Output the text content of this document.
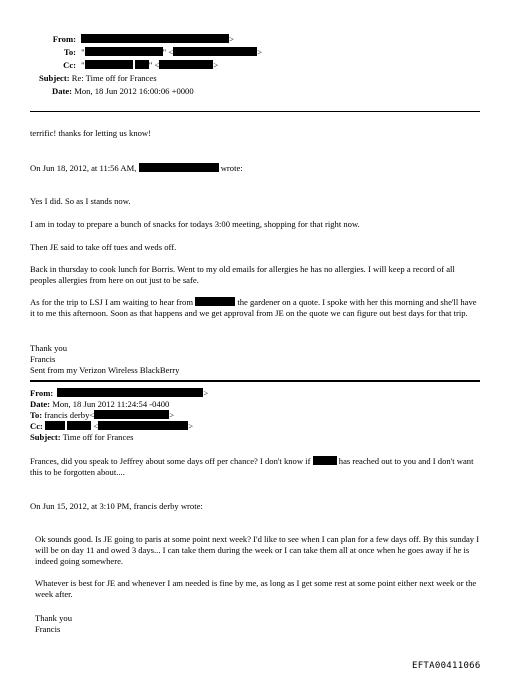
From:	>
To: "	" <	>
Cc: "	" <	>
Subject: Re: Time off for Frances
Date: Mon, 18 Jun 2012 16:00:06 +0000
terrific! thanks for letting us know!
On Jun 18, 2012, at 11:56 AM,	wrote:
Yes I did. So as I stands now.
I am in today to prepare a bunch of snacks for todays 3:00 meeting, shopping for that right now.
Then JE said to take off tues and weds off.
Back in thursday to cook lunch for Borris. Went to my old emails for allergies he has no allergies. I will keep a record of all peoples allergies from here on out just to be safe.
As for the trip to LSJ I am waiting to hear from	the gardener on a quote. I spoke with her this morning and she'll have it to me this afternoon. Soon as that happens and we get approval from JE on the quote we can figure out best days for that trip.
Thank you
Francis
Sent from my Verizon Wireless BlackBerry
From:	>
Date: Mon, 18 Jun 2012 11:24:54 -0400
To: francis derby<	>
Cc:	<	>
Subject: Time off for Frances
Frances, did you speak to Jeffrey about some days off per chance? I don't know if	has reached out to you and I don't want this to be forgotten about....
On Jun 15, 2012, at 3:10 PM, francis derby wrote:
Ok sounds good. Is JE going to paris at some point next week? I'd like to see when I can plan for a few days off. By this sunday I will be on day 11 and owed 3 days... I can take them during the week or I can take them all at once when he goes away if he is indeed going somewhere.
Whatever is best for JE and whenever I am needed is fine by me, as long as I get some rest at some point either next week or the week after.
Thank you
Francis
EFTA00411066
